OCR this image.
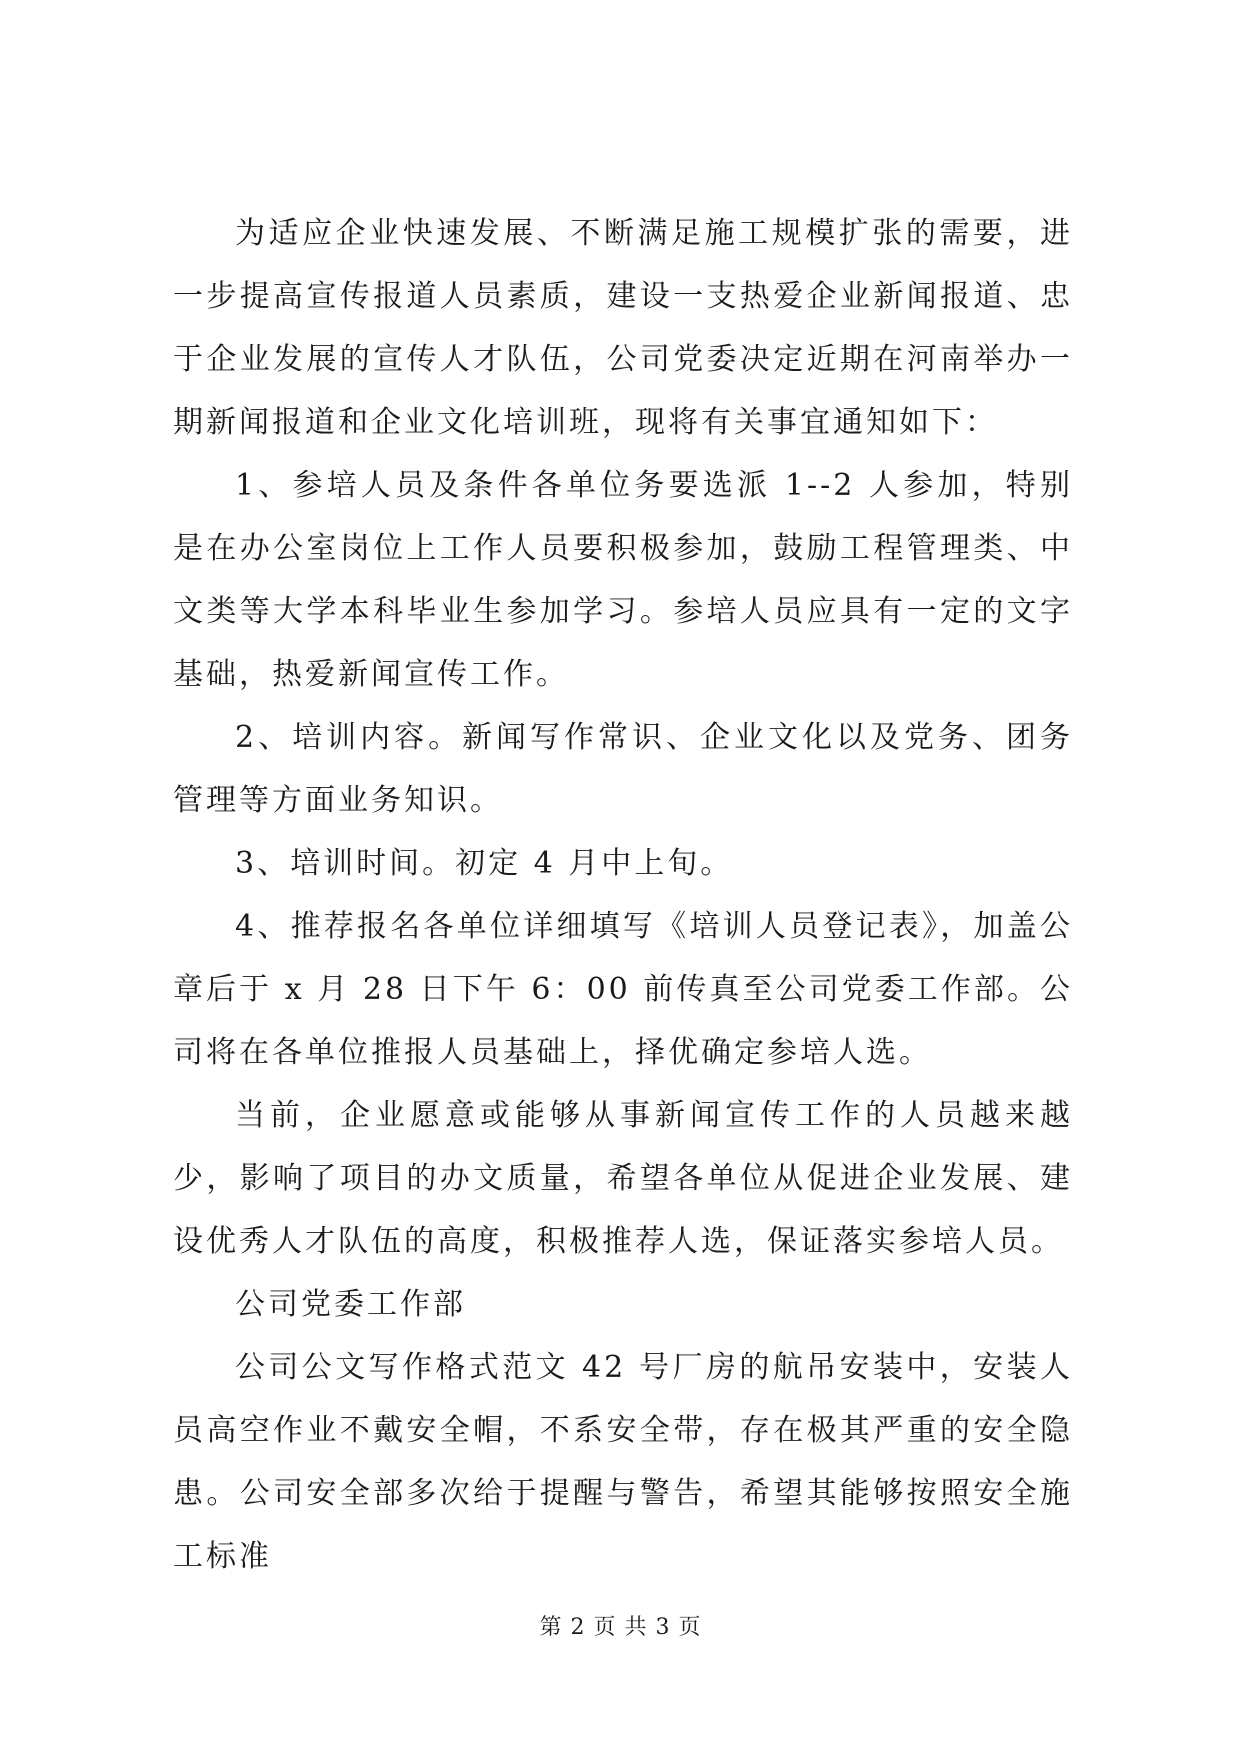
为适应企业快速发展、不断满足施工规模扩张的需要，进一步提高宣传报道人员素质，建设一支热爱企业新闻报道、忠于企业发展的宣传人才队伍，公司党委决定近期在河南举办一期新闻报道和企业文化培训班，现将有关事宜通知如下：

1、参培人员及条件各单位务要选派 1--2 人参加，特别是在办公室岗位上工作人员要积极参加，鼓励工程管理类、中文类等大学本科毕业生参加学习。参培人员应具有一定的文字基础，热爱新闻宣传工作。

2、培训内容。新闻写作常识、企业文化以及党务、团务管理等方面业务知识。

3、培训时间。初定 4 月中上旬。

4、推荐报名各单位详细填写《培训人员登记表》，加盖公章后于 x 月 28 日下午 6：00 前传真至公司党委工作部。公司将在各单位推报人员基础上，择优确定参培人选。

当前，企业愿意或能够从事新闻宣传工作的人员越来越少，影响了项目的办文质量，希望各单位从促进企业发展、建设优秀人才队伍的高度，积极推荐人选，保证落实参培人员。

公司党委工作部

公司公文写作格式范文 42 号厂房的航吊安装中，安装人员高空作业不戴安全帽，不系安全带，存在极其严重的安全隐患。公司安全部多次给于提醒与警告，希望其能够按照安全施工标准

第 2 页 共 3 页
